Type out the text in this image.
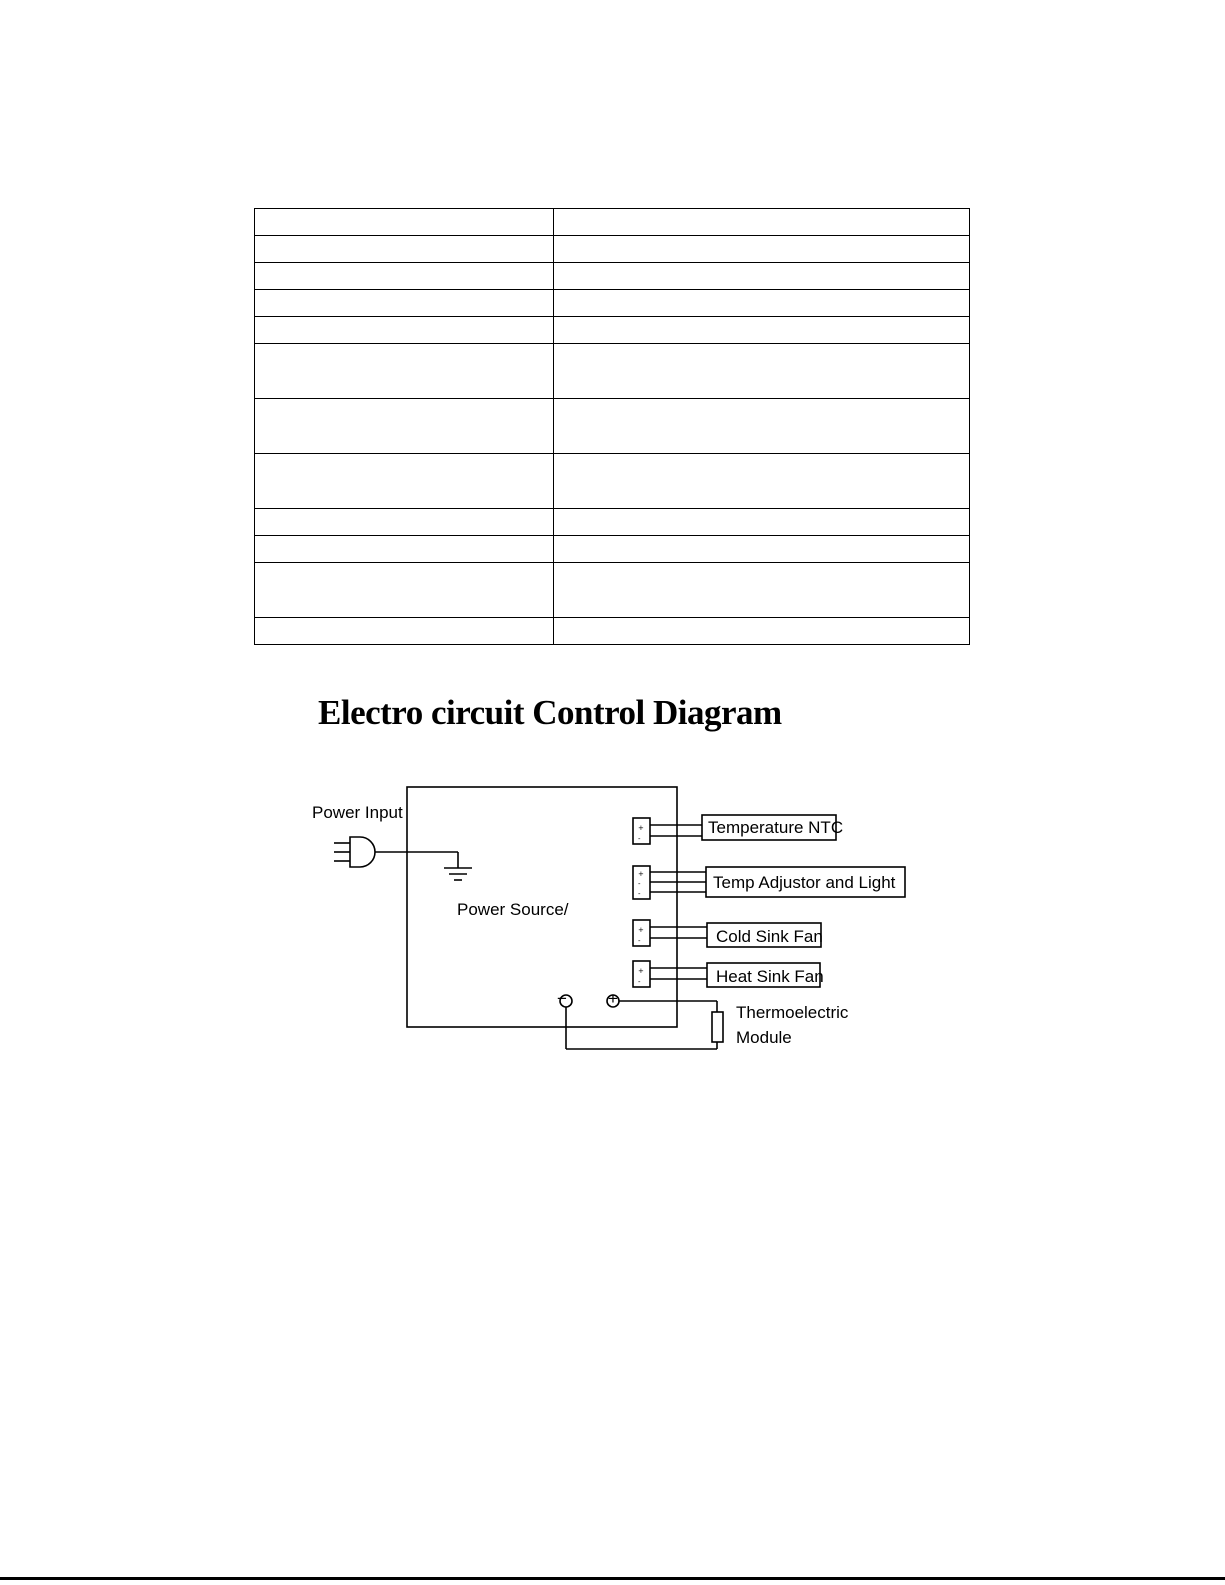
Electro circuit Control Diagram
+
-
+
-
-
+
-
+
-
− +
Power Input
Power Source/
Temperature NTC
Temp Adjustor and Light
Cold Sink Fan
Heat Sink Fan
Thermoelectric
Module
